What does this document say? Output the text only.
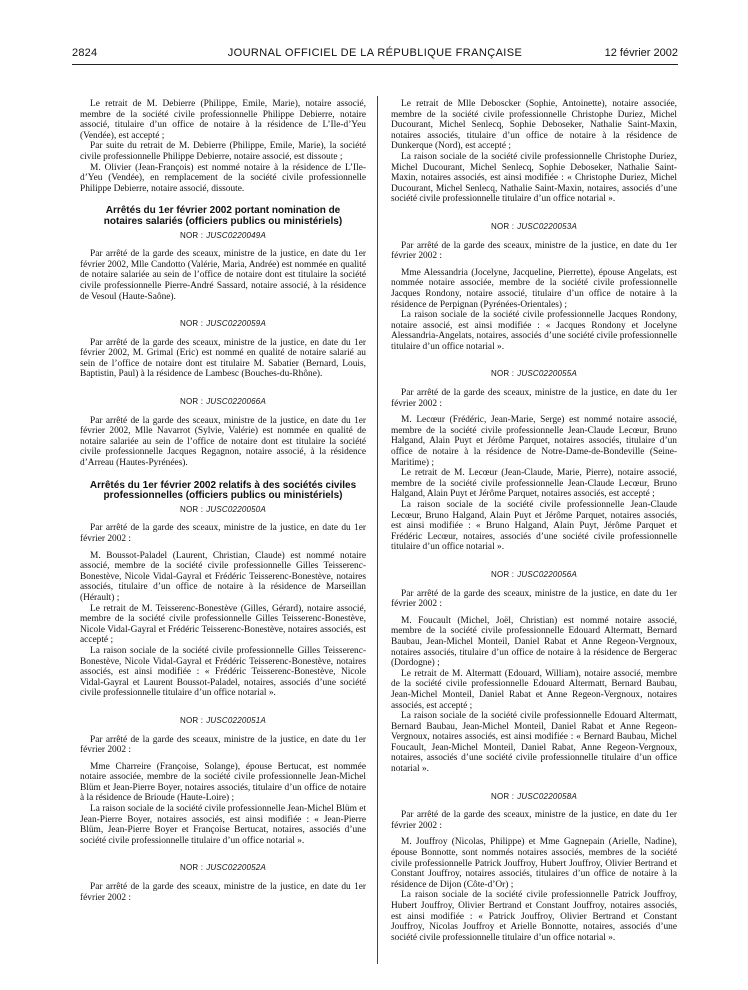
2824	JOURNAL OFFICIEL DE LA RÉPUBLIQUE FRANÇAISE	12 février 2002

Le retrait de M. Debierre (Philippe, Emile, Marie), notaire associé, membre de la société civile professionnelle Philippe Debierre, notaire associé, titulaire d’un office de notaire à la résidence de L’Ile-d’Yeu (Vendée), est accepté ;

Par suite du retrait de M. Debierre (Philippe, Emile, Marie), la société civile professionnelle Philippe Debierre, notaire associé, est dissoute ;

M. Olivier (Jean-François) est nommé notaire à la résidence de L’Ile-d’Yeu (Vendée), en remplacement de la société civile professionnelle Philippe Debierre, notaire associé, dissoute.

Arrêtés du 1er février 2002 portant nomination de notaires salariés (officiers publics ou ministériels)
NOR : JUSC0220049A

Par arrêté de la garde des sceaux, ministre de la justice, en date du 1er février 2002, Mlle Candotto (Valérie, Maria, Andrée) est nommée en qualité de notaire salariée au sein de l’office de notaire dont est titulaire la société civile professionnelle Pierre-André Sassard, notaire associé, à la résidence de Vesoul (Haute-Saône).

NOR : JUSC0220059A

Par arrêté de la garde des sceaux, ministre de la justice, en date du 1er février 2002, M. Grimal (Eric) est nommé en qualité de notaire salarié au sein de l’office de notaire dont est titulaire M. Sabatier (Bernard, Louis, Baptistin, Paul) à la résidence de Lambesc (Bouches-du-Rhône).

NOR : JUSC0220066A

Par arrêté de la garde des sceaux, ministre de la justice, en date du 1er février 2002, Mlle Navarrot (Sylvie, Valérie) est nommée en qualité de notaire salariée au sein de l’office de notaire dont est titulaire la société civile professionnelle Jacques Regagnon, notaire associé, à la résidence d’Arreau (Hautes-Pyrénées).

Arrêtés du 1er février 2002 relatifs à des sociétés civiles professionnelles (officiers publics ou ministériels)
NOR : JUSC0220050A

Par arrêté de la garde des sceaux, ministre de la justice, en date du 1er février 2002 :

M. Boussot-Paladel (Laurent, Christian, Claude) est nommé notaire associé, membre de la société civile professionnelle Gilles Teisserenc-Bonestève, Nicole Vidal-Gayral et Frédéric Teisserenc-Bonestève, notaires associés, titulaire d’un office de notaire à la résidence de Marseillan (Hérault) ;

Le retrait de M. Teisserenc-Bonestève (Gilles, Gérard), notaire associé, membre de la société civile professionnelle Gilles Teisserenc-Bonestève, Nicole Vidal-Gayral et Frédéric Teisserenc-Bonestève, notaires associés, est accepté ;

La raison sociale de la société civile professionnelle Gilles Teisserenc-Bonestève, Nicole Vidal-Gayral et Frédéric Teisserenc-Bonestève, notaires associés, est ainsi modifiée : « Frédéric Teisserenc-Bonestève, Nicole Vidal-Gayral et Laurent Boussot-Paladel, notaires, associés d’une société civile professionnelle titulaire d’un office notarial ».

NOR : JUSC0220051A

Par arrêté de la garde des sceaux, ministre de la justice, en date du 1er février 2002 :

Mme Charreire (Françoise, Solange), épouse Bertucat, est nommée notaire associée, membre de la société civile professionnelle Jean-Michel Blüm et Jean-Pierre Boyer, notaires associés, titulaire d’un office de notaire à la résidence de Brioude (Haute-Loire) ;

La raison sociale de la société civile professionnelle Jean-Michel Blüm et Jean-Pierre Boyer, notaires associés, est ainsi modifiée : « Jean-Pierre Blüm, Jean-Pierre Boyer et Françoise Bertucat, notaires, associés d’une société civile professionnelle titulaire d’un office notarial ».

NOR : JUSC0220052A

Par arrêté de la garde des sceaux, ministre de la justice, en date du 1er février 2002 :

Le retrait de Mlle Deboscker (Sophie, Antoinette), notaire associée, membre de la société civile professionnelle Christophe Duriez, Michel Ducourant, Michel Senlecq, Sophie Deboseker, Nathalie Saint-Maxin, notaires associés, titulaire d’un office de notaire à la résidence de Dunkerque (Nord), est accepté ;

La raison sociale de la société civile professionnelle Christophe Duriez, Michel Ducourant, Michel Senlecq, Sophie Deboseker, Nathalie Saint-Maxin, notaires associés, est ainsi modifiée : « Christophe Duriez, Michel Ducourant, Michel Senlecq, Nathalie Saint-Maxin, notaires, associés d’une société civile professionnelle titulaire d’un office notarial ».

NOR : JUSC0220053A

Par arrêté de la garde des sceaux, ministre de la justice, en date du 1er février 2002 :

Mme Alessandria (Jocelyne, Jacqueline, Pierrette), épouse Angelats, est nommée notaire associée, membre de la société civile professionnelle Jacques Rondony, notaire associé, titulaire d’un office de notaire à la résidence de Perpignan (Pyrénées-Orientales) ;

La raison sociale de la société civile professionnelle Jacques Rondony, notaire associé, est ainsi modifiée : « Jacques Rondony et Jocelyne Alessandria-Angelats, notaires, associés d’une société civile professionnelle titulaire d’un office notarial ».

NOR : JUSC0220055A

Par arrêté de la garde des sceaux, ministre de la justice, en date du 1er février 2002 :

M. Lecœur (Frédéric, Jean-Marie, Serge) est nommé notaire associé, membre de la société civile professionnelle Jean-Claude Lecœur, Bruno Halgand, Alain Puyt et Jérôme Parquet, notaires associés, titulaire d’un office de notaire à la résidence de Notre-Dame-de-Bondeville (Seine-Maritime) ;

Le retrait de M. Lecœur (Jean-Claude, Marie, Pierre), notaire associé, membre de la société civile professionnelle Jean-Claude Lecœur, Bruno Halgand, Alain Puyt et Jérôme Parquet, notaires associés, est accepté ;

La raison sociale de la société civile professionnelle Jean-Claude Lecœur, Bruno Halgand, Alain Puyt et Jérôme Parquet, notaires associés, est ainsi modifiée : « Bruno Halgand, Alain Puyt, Jérôme Parquet et Frédéric Lecœur, notaires, associés d’une société civile professionnelle titulaire d’un office notarial ».

NOR : JUSC0220056A

Par arrêté de la garde des sceaux, ministre de la justice, en date du 1er février 2002 :

M. Foucault (Michel, Joël, Christian) est nommé notaire associé, membre de la société civile professionnelle Edouard Altermatt, Bernard Baubau, Jean-Michel Monteil, Daniel Rabat et Anne Regeon-Vergnoux, notaires associés, titulaire d’un office de notaire à la résidence de Bergerac (Dordogne) ;

Le retrait de M. Altermatt (Edouard, William), notaire associé, membre de la société civile professionnelle Edouard Altermatt, Bernard Baubau, Jean-Michel Monteil, Daniel Rabat et Anne Regeon-Vergnoux, notaires associés, est accepté ;

La raison sociale de la société civile professionnelle Edouard Altermatt, Bernard Baubau, Jean-Michel Monteil, Daniel Rabat et Anne Regeon-Vergnoux, notaires associés, est ainsi modifiée : « Bernard Baubau, Michel Foucault, Jean-Michel Monteil, Daniel Rabat, Anne Regeon-Vergnoux, notaires, associés d’une société civile professionnelle titulaire d’un office notarial ».

NOR : JUSC0220058A

Par arrêté de la garde des sceaux, ministre de la justice, en date du 1er février 2002 :

M. Jouffroy (Nicolas, Philippe) et Mme Gagnepain (Arielle, Nadine), épouse Bonnotte, sont nommés notaires associés, membres de la société civile professionnelle Patrick Jouffroy, Hubert Jouffroy, Olivier Bertrand et Constant Jouffroy, notaires associés, titulaires d’un office de notaire à la résidence de Dijon (Côte-d’Or) ;

La raison sociale de la société civile professionnelle Patrick Jouffroy, Hubert Jouffroy, Olivier Bertrand et Constant Jouffroy, notaires associés, est ainsi modifiée : « Patrick Jouffroy, Olivier Bertrand et Constant Jouffroy, Nicolas Jouffroy et Arielle Bonnotte, notaires, associés d’une société civile professionnelle titulaire d’un office notarial ».
